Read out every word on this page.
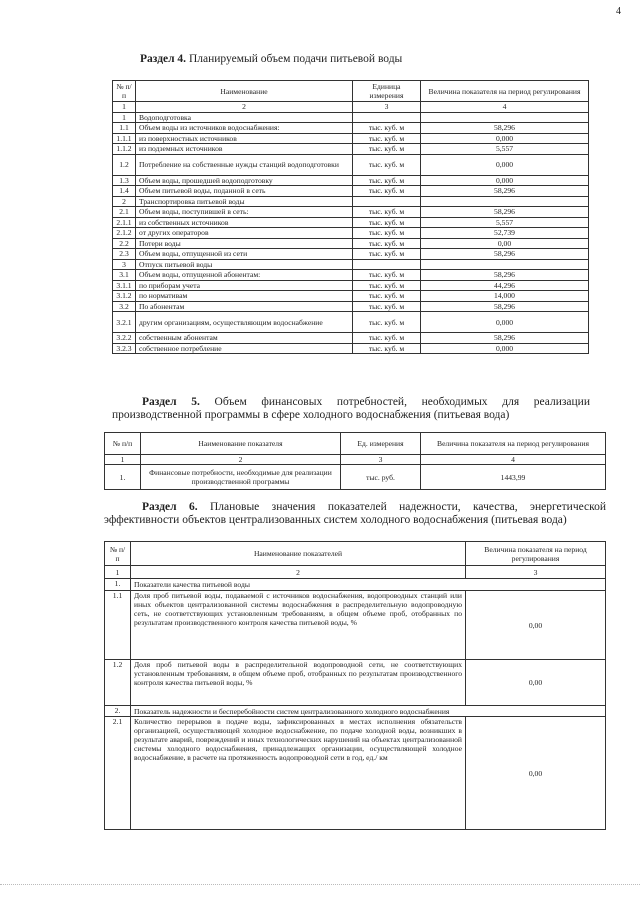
4
Раздел 4. Планируемый объем подачи питьевой воды
№ п/п	Наименование	Единица измерения	Величина показателя на период регулирования
1	2	3	4
1	Водоподготовка		
1.1	Объем воды из источников водоснабжения:	тыс. куб. м	58,296
1.1.1	из поверхностных источников	тыс. куб. м	0,000
1.1.2	из подземных источников	тыс. куб. м	5,557
1.2	Потребление на собственные нужды станций водоподготовки	тыс. куб. м	0,000
1.3	Объем воды, прошедшей водоподготовку	тыс. куб. м	0,000
1.4	Объем питьевой воды, поданной в сеть	тыс. куб. м	58,296
2	Транспортировка питьевой воды		
2.1	Объем воды, поступившей в сеть:	тыс. куб. м	58,296
2.1.1	из собственных источников	тыс. куб. м	5,557
2.1.2	от других операторов	тыс. куб. м	52,739
2.2	Потери воды	тыс. куб. м	0,00
2.3	Объем воды, отпущенной из сети	тыс. куб. м	58,296
3	Отпуск питьевой воды		
3.1	Объем воды, отпущенной абонентам:	тыс. куб. м	58,296
3.1.1	по приборам учета	тыс. куб. м	44,296
3.1.2	по нормативам	тыс. куб. м	14,000
3.2	По абонентам	тыс. куб. м	58,296
3.2.1	другим организациям, осуществляющим водоснабжение	тыс. куб. м	0,000
3.2.2	собственным абонентам	тыс. куб. м	58,296
3.2.3	собственное потребление	тыс. куб. м	0,000
Раздел 5. Объем финансовых потребностей, необходимых для реализации производственной программы в сфере холодного водоснабжения (питьевая вода)
№ п/п	Наименование показателя	Ед. измерения	Величина показателя на период регулирования
1	2	3	4
1.	Финансовые потребности, необходимые для реализации производственной программы	тыс. руб.	1443,99
Раздел 6. Плановые значения показателей надежности, качества, энергетической эффективности объектов централизованных систем холодного водоснабжения (питьевая вода)
№ п/п	Наименование показателей	Величина показателя на период регулирования
1	2	3
1.	Показатели качества питьевой воды	
1.1	Доля проб питьевой воды, подаваемой с источников водоснабжения, водопроводных станций или иных объектов централизованной системы водоснабжения в распределительную водопроводную сеть, не соответствующих установленным требованиям, в общем объеме проб, отобранных по результатам производственного контроля качества питьевой воды, %	0,00
1.2	Доля проб питьевой воды в распределительной водопроводной сети, не соответствующих установленным требованиям, в общем объеме проб, отобранных по результатам производственного контроля качества питьевой воды, %	0,00
2.	Показатель надежности и бесперебойности систем централизованного холодного водоснабжения	
2.1	Количество перерывов в подаче воды, зафиксированных в местах исполнения обязательств организацией, осуществляющей холодное водоснабжение, по подаче холодной воды, возникших в результате аварий, повреждений и иных технологических нарушений на объектах централизованной системы холодного водоснабжения, принадлежащих организации, осуществляющей холодное водоснабжение, в расчете на протяженность водопроводной сети в год, ед./ км	0,00
